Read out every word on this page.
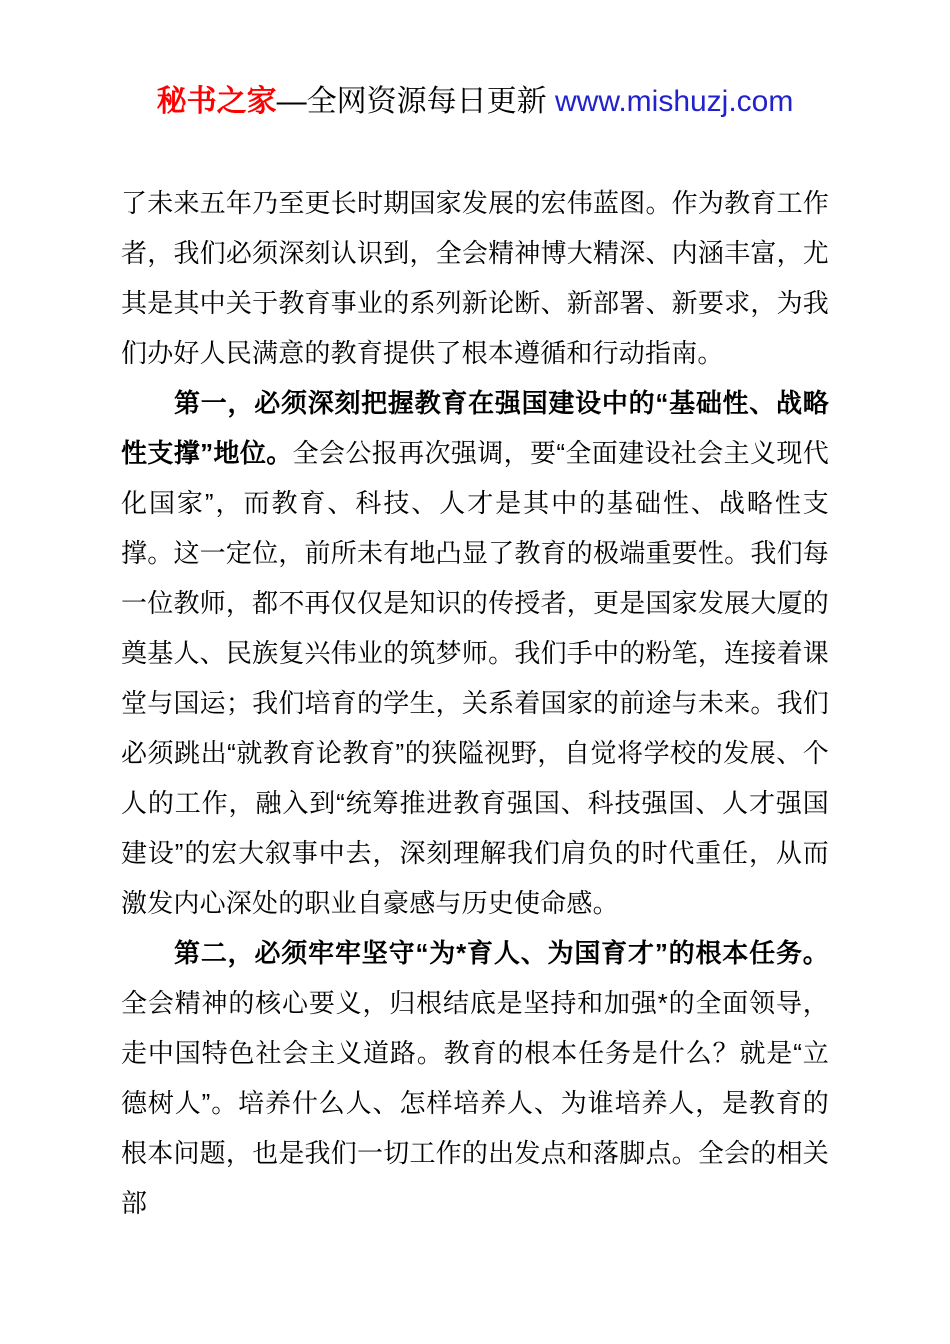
秘书之家—全网资源每日更新 www.mishuzj.com

了未来五年乃至更长时期国家发展的宏伟蓝图。作为教育工作者，我们必须深刻认识到，全会精神博大精深、内涵丰富，尤其是其中关于教育事业的系列新论断、新部署、新要求，为我们办好人民满意的教育提供了根本遵循和行动指南。

第一，必须深刻把握教育在强国建设中的“基础性、战略性支撑”地位。全会公报再次强调，要“全面建设社会主义现代化国家”，而教育、科技、人才是其中的基础性、战略性支撑。这一定位，前所未有地凸显了教育的极端重要性。我们每一位教师，都不再仅仅是知识的传授者，更是国家发展大厦的奠基人、民族复兴伟业的筑梦师。我们手中的粉笔，连接着课堂与国运；我们培育的学生，关系着国家的前途与未来。我们必须跳出“就教育论教育”的狭隘视野，自觉将学校的发展、个人的工作，融入到“统筹推进教育强国、科技强国、人才强国建设”的宏大叙事中去，深刻理解我们肩负的时代重任，从而激发内心深处的职业自豪感与历史使命感。

第二，必须牢牢坚守“为*育人、为国育才”的根本任务。全会精神的核心要义，归根结底是坚持和加强*的全面领导，走中国特色社会主义道路。教育的根本任务是什么？就是“立德树人”。培养什么人、怎样培养人、为谁培养人，是教育的根本问题，也是我们一切工作的出发点和落脚点。全会的相关部
